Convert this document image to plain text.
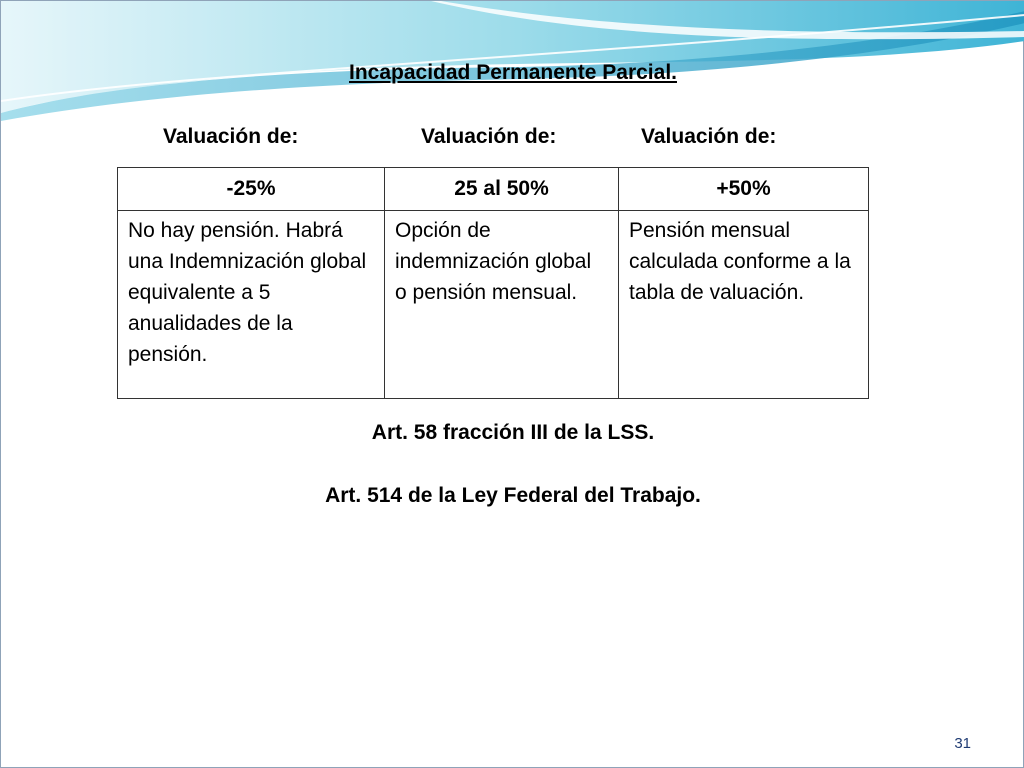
Incapacidad Permanente Parcial.
Valuación de:	Valuación de:	Valuación de:
-25%	25 al 50%	+50%
No hay pensión. Habrá una Indemnización global equivalente a 5 anualidades de la pensión.	Opción de indemnización global o pensión mensual.	Pensión mensual calculada conforme a la tabla de valuación.
Art. 58 fracción III de la LSS.
Art. 514 de la Ley Federal del Trabajo.
31
